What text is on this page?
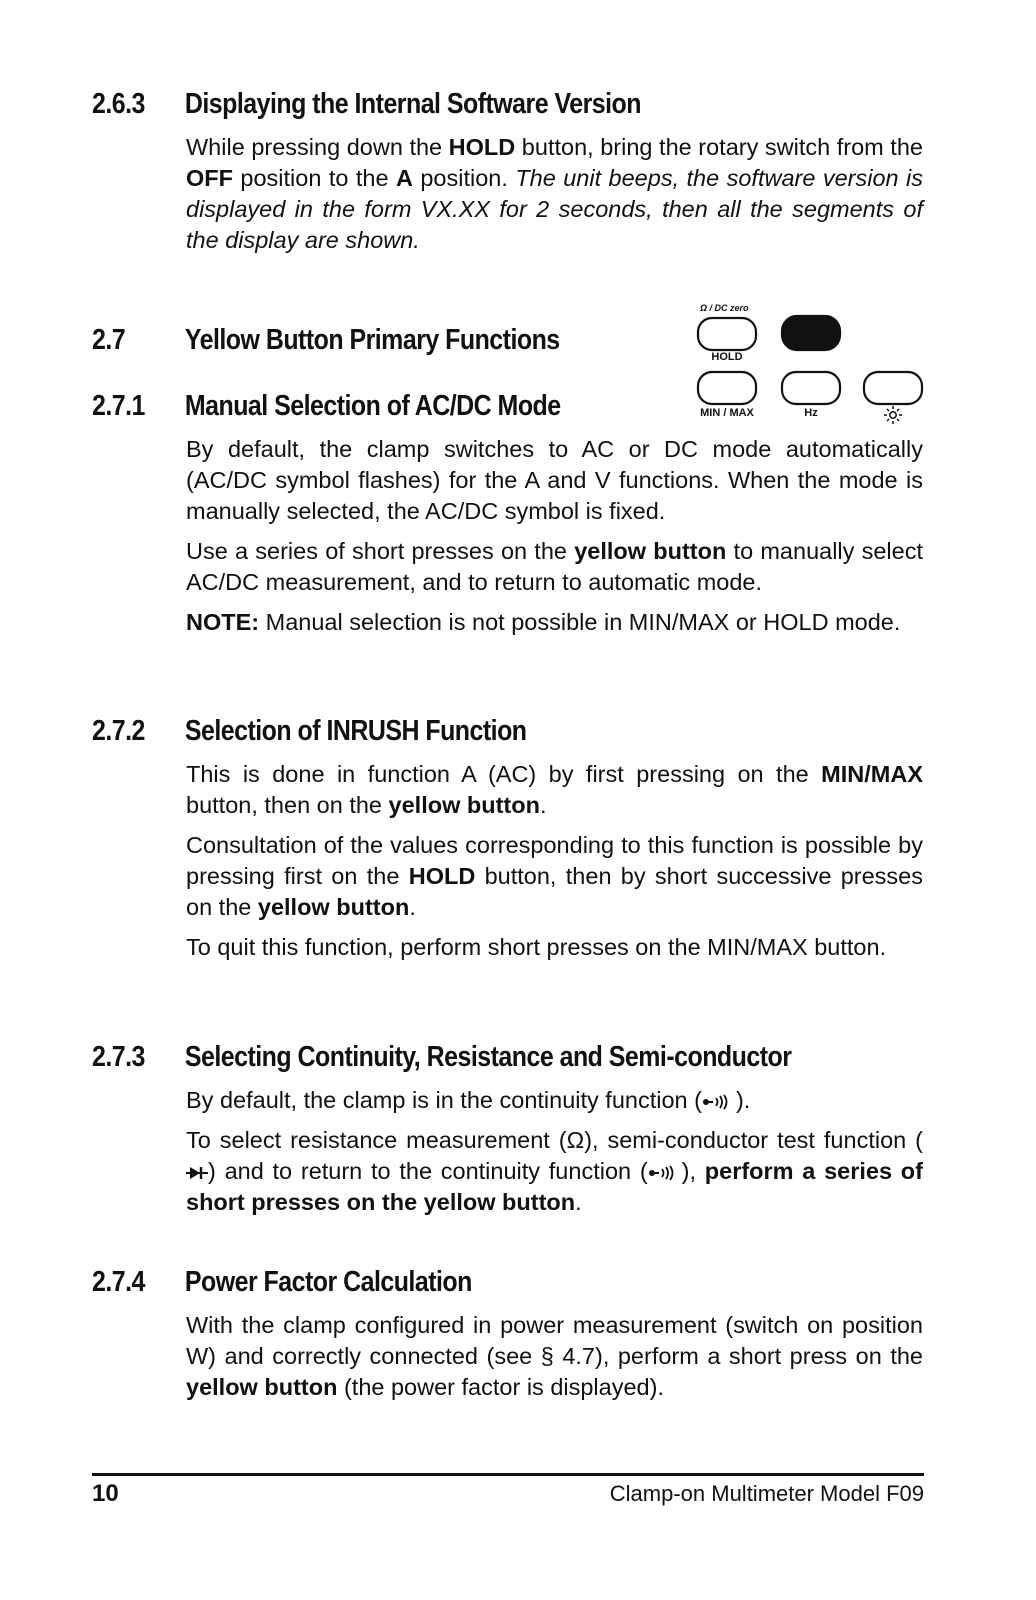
2.6.3 Displaying the Internal Software Version

While pressing down the HOLD button, bring the rotary switch from the OFF position to the A position. The unit beeps, the software version is displayed in the form VX.XX for 2 seconds, then all the segments of the display are shown.

2.7 Yellow Button Primary Functions
Ω / DC zero
HOLD
MIN / MAX	Hz
2.7.1 Manual Selection of AC/DC Mode

By default, the clamp switches to AC or DC mode automatically (AC/DC symbol flashes) for the A and V functions. When the mode is manually selected, the AC/DC symbol is fixed.

Use a series of short presses on the yellow button to manually select AC/DC measurement, and to return to automatic mode.

NOTE: Manual selection is not possible in MIN/MAX or HOLD mode.

2.7.2 Selection of INRUSH Function

This is done in function A (AC) by first pressing on the MIN/MAX button, then on the yellow button.

Consultation of the values corresponding to this function is possible by pressing first on the HOLD button, then by short successive presses on the yellow button.

To quit this function, perform short presses on the MIN/MAX button.

2.7.3 Selecting Continuity, Resistance and Semi-conductor

By default, the clamp is in the continuity function ( ).

To select resistance measurement (Ω), semi-conductor test function () and to return to the continuity function ( ), perform a series of short presses on the yellow button.

2.7.4 Power Factor Calculation

With the clamp configured in power measurement (switch on position W) and correctly connected (see § 4.7), perform a short press on the yellow button (the power factor is displayed).

10	Clamp-on Multimeter Model F09
